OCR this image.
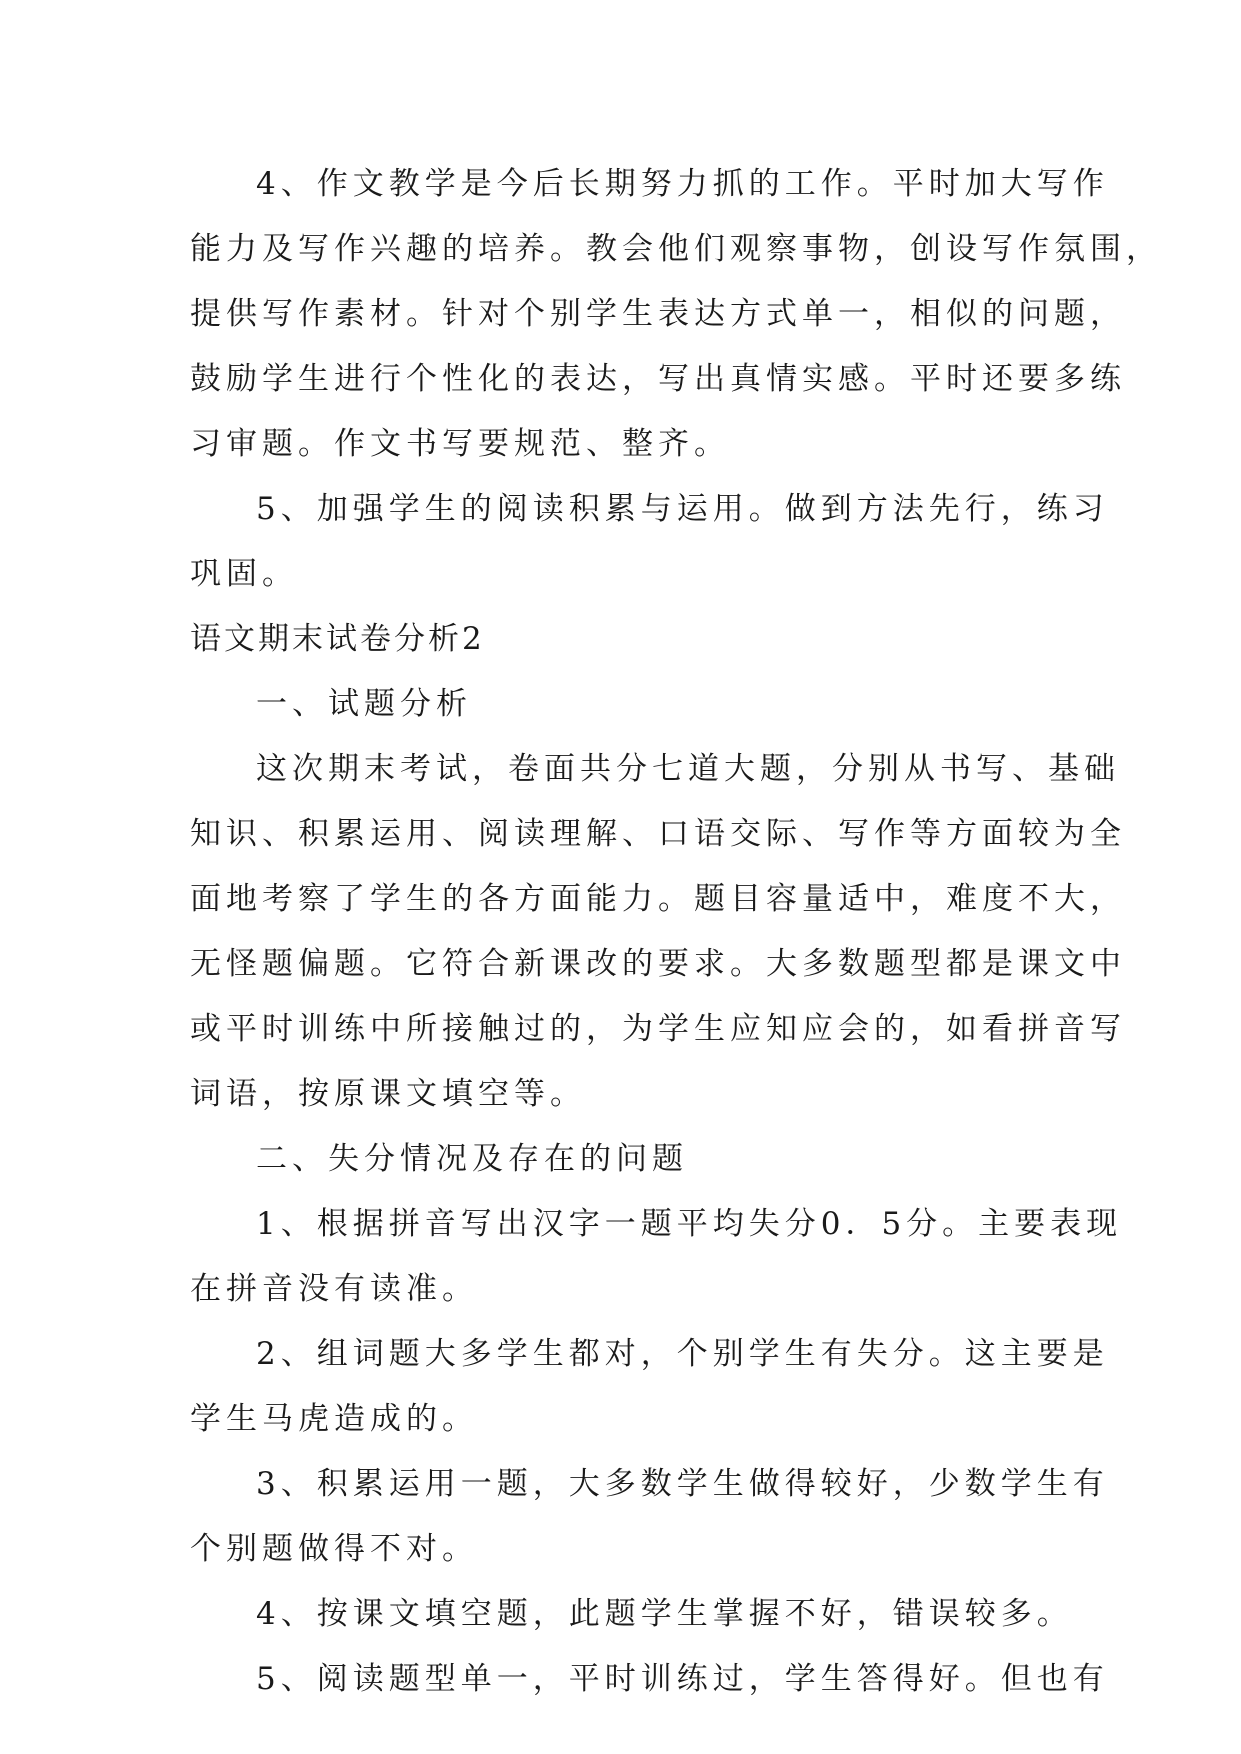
4、作文教学是今后长期努力抓的工作。平时加大写作
能力及写作兴趣的培养。教会他们观察事物，创设写作氛围，
提供写作素材。针对个别学生表达方式单一，相似的问题，
鼓励学生进行个性化的表达，写出真情实感。平时还要多练
习审题。作文书写要规范、整齐。
5、加强学生的阅读积累与运用。做到方法先行，练习
巩固。
语文期末试卷分析2
一、试题分析
这次期末考试，卷面共分七道大题，分别从书写、基础
知识、积累运用、阅读理解、口语交际、写作等方面较为全
面地考察了学生的各方面能力。题目容量适中，难度不大，
无怪题偏题。它符合新课改的要求。大多数题型都是课文中
或平时训练中所接触过的，为学生应知应会的，如看拼音写
词语，按原课文填空等。
二、失分情况及存在的问题
1、根据拼音写出汉字一题平均失分0．5分。主要表现
在拼音没有读准。
2、组词题大多学生都对，个别学生有失分。这主要是
学生马虎造成的。
3、积累运用一题，大多数学生做得较好，少数学生有
个别题做得不对。
4、按课文填空题，此题学生掌握不好，错误较多。
5、阅读题型单一，平时训练过，学生答得好。但也有
